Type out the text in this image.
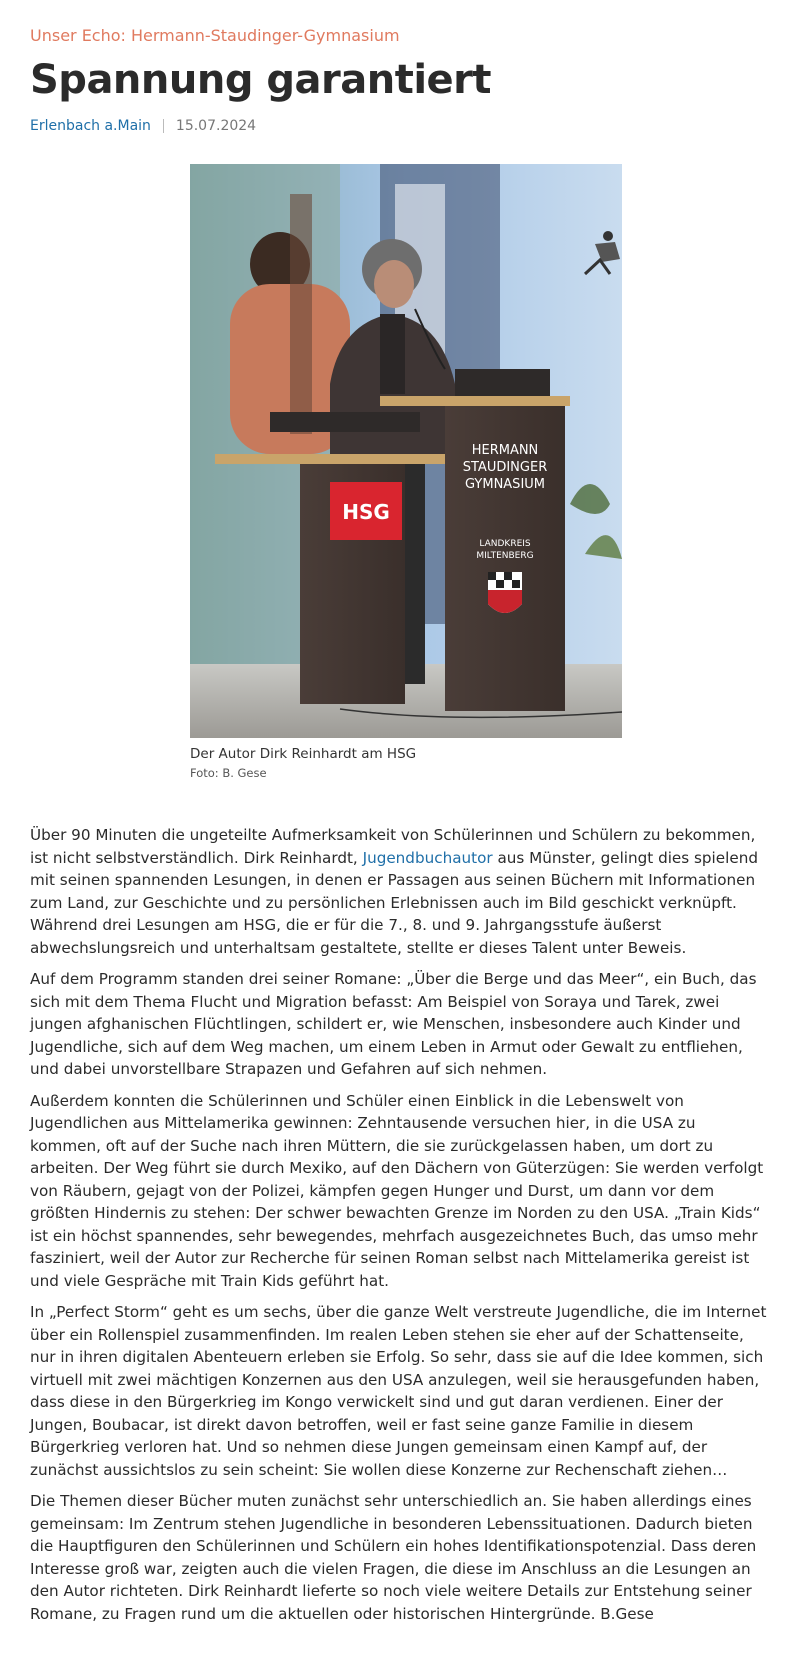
Unser Echo: Hermann-Staudinger-Gymnasium
Spannung garantiert
Erlenbach a.Main 15.07.2024
HSG
HERMANN
STAUDINGER
GYMNASIUM
LANDKREIS
MILTENBERG
Der Autor Dirk Reinhardt am HSG
Foto: B. Gese

Über 90 Minuten die ungeteilte Aufmerksamkeit von Schülerinnen und Schülern zu bekommen, ist nicht selbstverständlich. Dirk Reinhardt, Jugendbuchautor aus Münster, gelingt dies spielend mit seinen spannenden Lesungen, in denen er Passagen aus seinen Büchern mit Informationen zum Land, zur Geschichte und zu persönlichen Erlebnissen auch im Bild geschickt verknüpft. Während drei Lesungen am HSG, die er für die 7., 8. und 9. Jahrgangsstufe äußerst abwechslungsreich und unterhaltsam gestaltete, stellte er dieses Talent unter Beweis.

Auf dem Programm standen drei seiner Romane: „Über die Berge und das Meer“, ein Buch, das sich mit dem Thema Flucht und Migration befasst: Am Beispiel von Soraya und Tarek, zwei jungen afghanischen Flüchtlingen, schildert er, wie Menschen, insbesondere auch Kinder und Jugendliche, sich auf dem Weg machen, um einem Leben in Armut oder Gewalt zu entfliehen, und dabei unvorstellbare Strapazen und Gefahren auf sich nehmen.

Außerdem konnten die Schülerinnen und Schüler einen Einblick in die Lebenswelt von Jugendlichen aus Mittelamerika gewinnen: Zehntausende versuchen hier, in die USA zu kommen, oft auf der Suche nach ihren Müttern, die sie zurückgelassen haben, um dort zu arbeiten. Der Weg führt sie durch Mexiko, auf den Dächern von Güterzügen: Sie werden verfolgt von Räubern, gejagt von der Polizei, kämpfen gegen Hunger und Durst, um dann vor dem größten Hindernis zu stehen: Der schwer bewachten Grenze im Norden zu den USA. „Train Kids“ ist ein höchst spannendes, sehr bewegendes, mehrfach ausgezeichnetes Buch, das umso mehr fasziniert, weil der Autor zur Recherche für seinen Roman selbst nach Mittelamerika gereist ist und viele Gespräche mit Train Kids geführt hat.

In „Perfect Storm“ geht es um sechs, über die ganze Welt verstreute Jugendliche, die im Internet über ein Rollenspiel zusammenfinden. Im realen Leben stehen sie eher auf der Schattenseite, nur in ihren digitalen Abenteuern erleben sie Erfolg. So sehr, dass sie auf die Idee kommen, sich virtuell mit zwei mächtigen Konzernen aus den USA anzulegen, weil sie herausgefunden haben, dass diese in den Bürgerkrieg im Kongo verwickelt sind und gut daran verdienen. Einer der Jungen, Boubacar, ist direkt davon betroffen, weil er fast seine ganze Familie in diesem Bürgerkrieg verloren hat. Und so nehmen diese Jungen gemeinsam einen Kampf auf, der zunächst aussichtslos zu sein scheint: Sie wollen diese Konzerne zur Rechenschaft ziehen…

Die Themen dieser Bücher muten zunächst sehr unterschiedlich an. Sie haben allerdings eines gemeinsam: Im Zentrum stehen Jugendliche in besonderen Lebenssituationen. Dadurch bieten die Hauptfiguren den Schülerinnen und Schülern ein hohes Identifikationspotenzial. Dass deren Interesse groß war, zeigten auch die vielen Fragen, die diese im Anschluss an die Lesungen an den Autor richteten. Dirk Reinhardt lieferte so noch viele weitere Details zur Entstehung seiner Romane, zu Fragen rund um die aktuellen oder historischen Hintergründe. B.Gese
